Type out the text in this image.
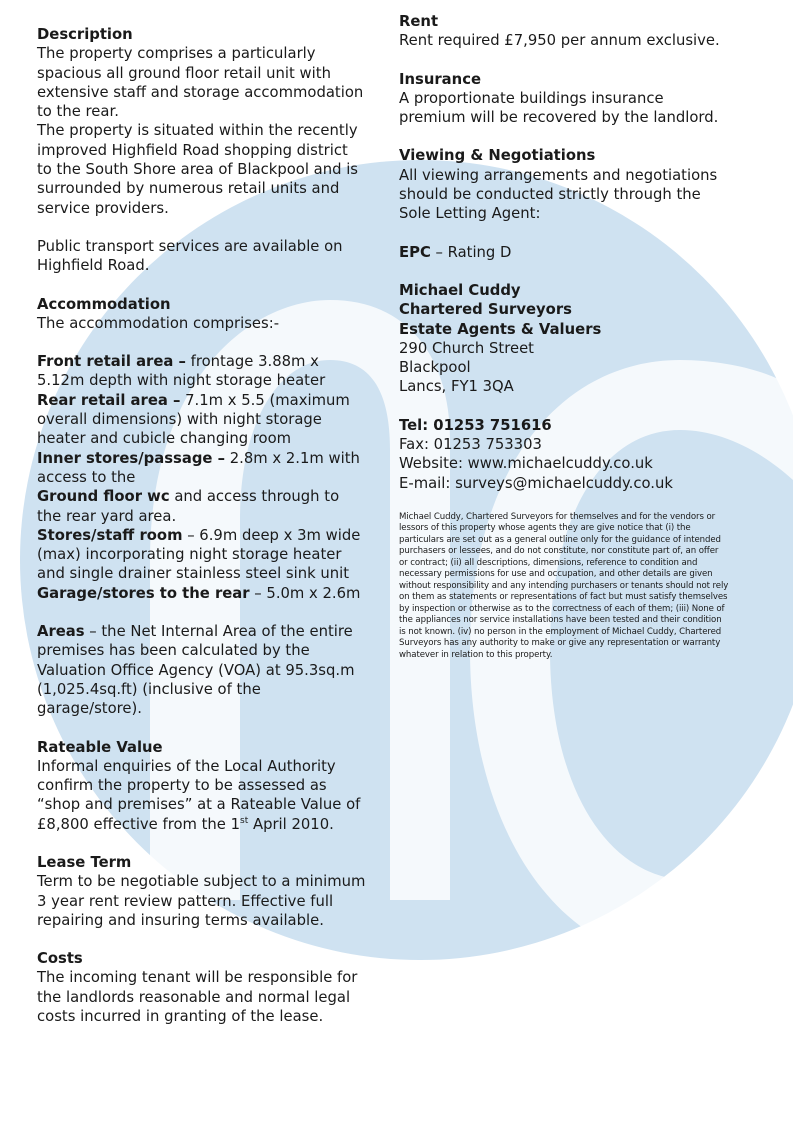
Description

The property comprises a particularly spacious all ground floor retail unit with extensive staff and storage accommodation to the rear.

The property is situated within the recently improved Highfield Road shopping district to the South Shore area of Blackpool and is surrounded by numerous retail units and service providers.

Public transport services are available on Highfield Road.

Accommodation

The accommodation comprises:-

Front retail area – frontage 3.88m x 5.12m depth with night storage heater

Rear retail area – 7.1m x 5.5 (maximum overall dimensions) with night storage heater and cubicle changing room

Inner stores/passage – 2.8m x 2.1m with access to the

Ground floor wc and access through to the rear yard area.

Stores/staff room – 6.9m deep x 3m wide (max) incorporating night storage heater and single drainer stainless steel sink unit

Garage/stores to the rear – 5.0m x 2.6m

Areas – the Net Internal Area of the entire premises has been calculated by the Valuation Office Agency (VOA) at 95.3sq.m (1,025.4sq.ft) (inclusive of the garage/store).

Rateable Value

Informal enquiries of the Local Authority confirm the property to be assessed as “shop and premises” at a Rateable Value of £8,800 effective from the 1st April 2010.

Lease Term

Term to be negotiable subject to a minimum 3 year rent review pattern. Effective full repairing and insuring terms available.

Costs

The incoming tenant will be responsible for the landlords reasonable and normal legal costs incurred in granting of the lease.

Rent

Rent required £7,950 per annum exclusive.

Insurance

A proportionate buildings insurance premium will be recovered by the landlord.

Viewing & Negotiations

All viewing arrangements and negotiations should be conducted strictly through the Sole Letting Agent:

EPC – Rating D

Michael Cuddy

Chartered Surveyors

Estate Agents & Valuers

290 Church Street

Blackpool

Lancs, FY1 3QA

Tel: 01253 751616

Fax: 01253 753303

Website: www.michaelcuddy.co.uk

E-mail: surveys@michaelcuddy.co.uk

Michael Cuddy, Chartered Surveyors for themselves and for the vendors or lessors of this property whose agents they are give notice that (i) the particulars are set out as a general outline only for the guidance of intended purchasers or lessees, and do not constitute, nor constitute part of, an offer or contract; (ii) all descriptions, dimensions, reference to condition and necessary permissions for use and occupation, and other details are given without responsibility and any intending purchasers or tenants should not rely on them as statements or representations of fact but must satisfy themselves by inspection or otherwise as to the correctness of each of them; (iii) None of the appliances nor service installations have been tested and their condition is not known. (iv) no person in the employment of Michael Cuddy, Chartered Surveyors has any authority to make or give any representation or warranty whatever in relation to this property.
